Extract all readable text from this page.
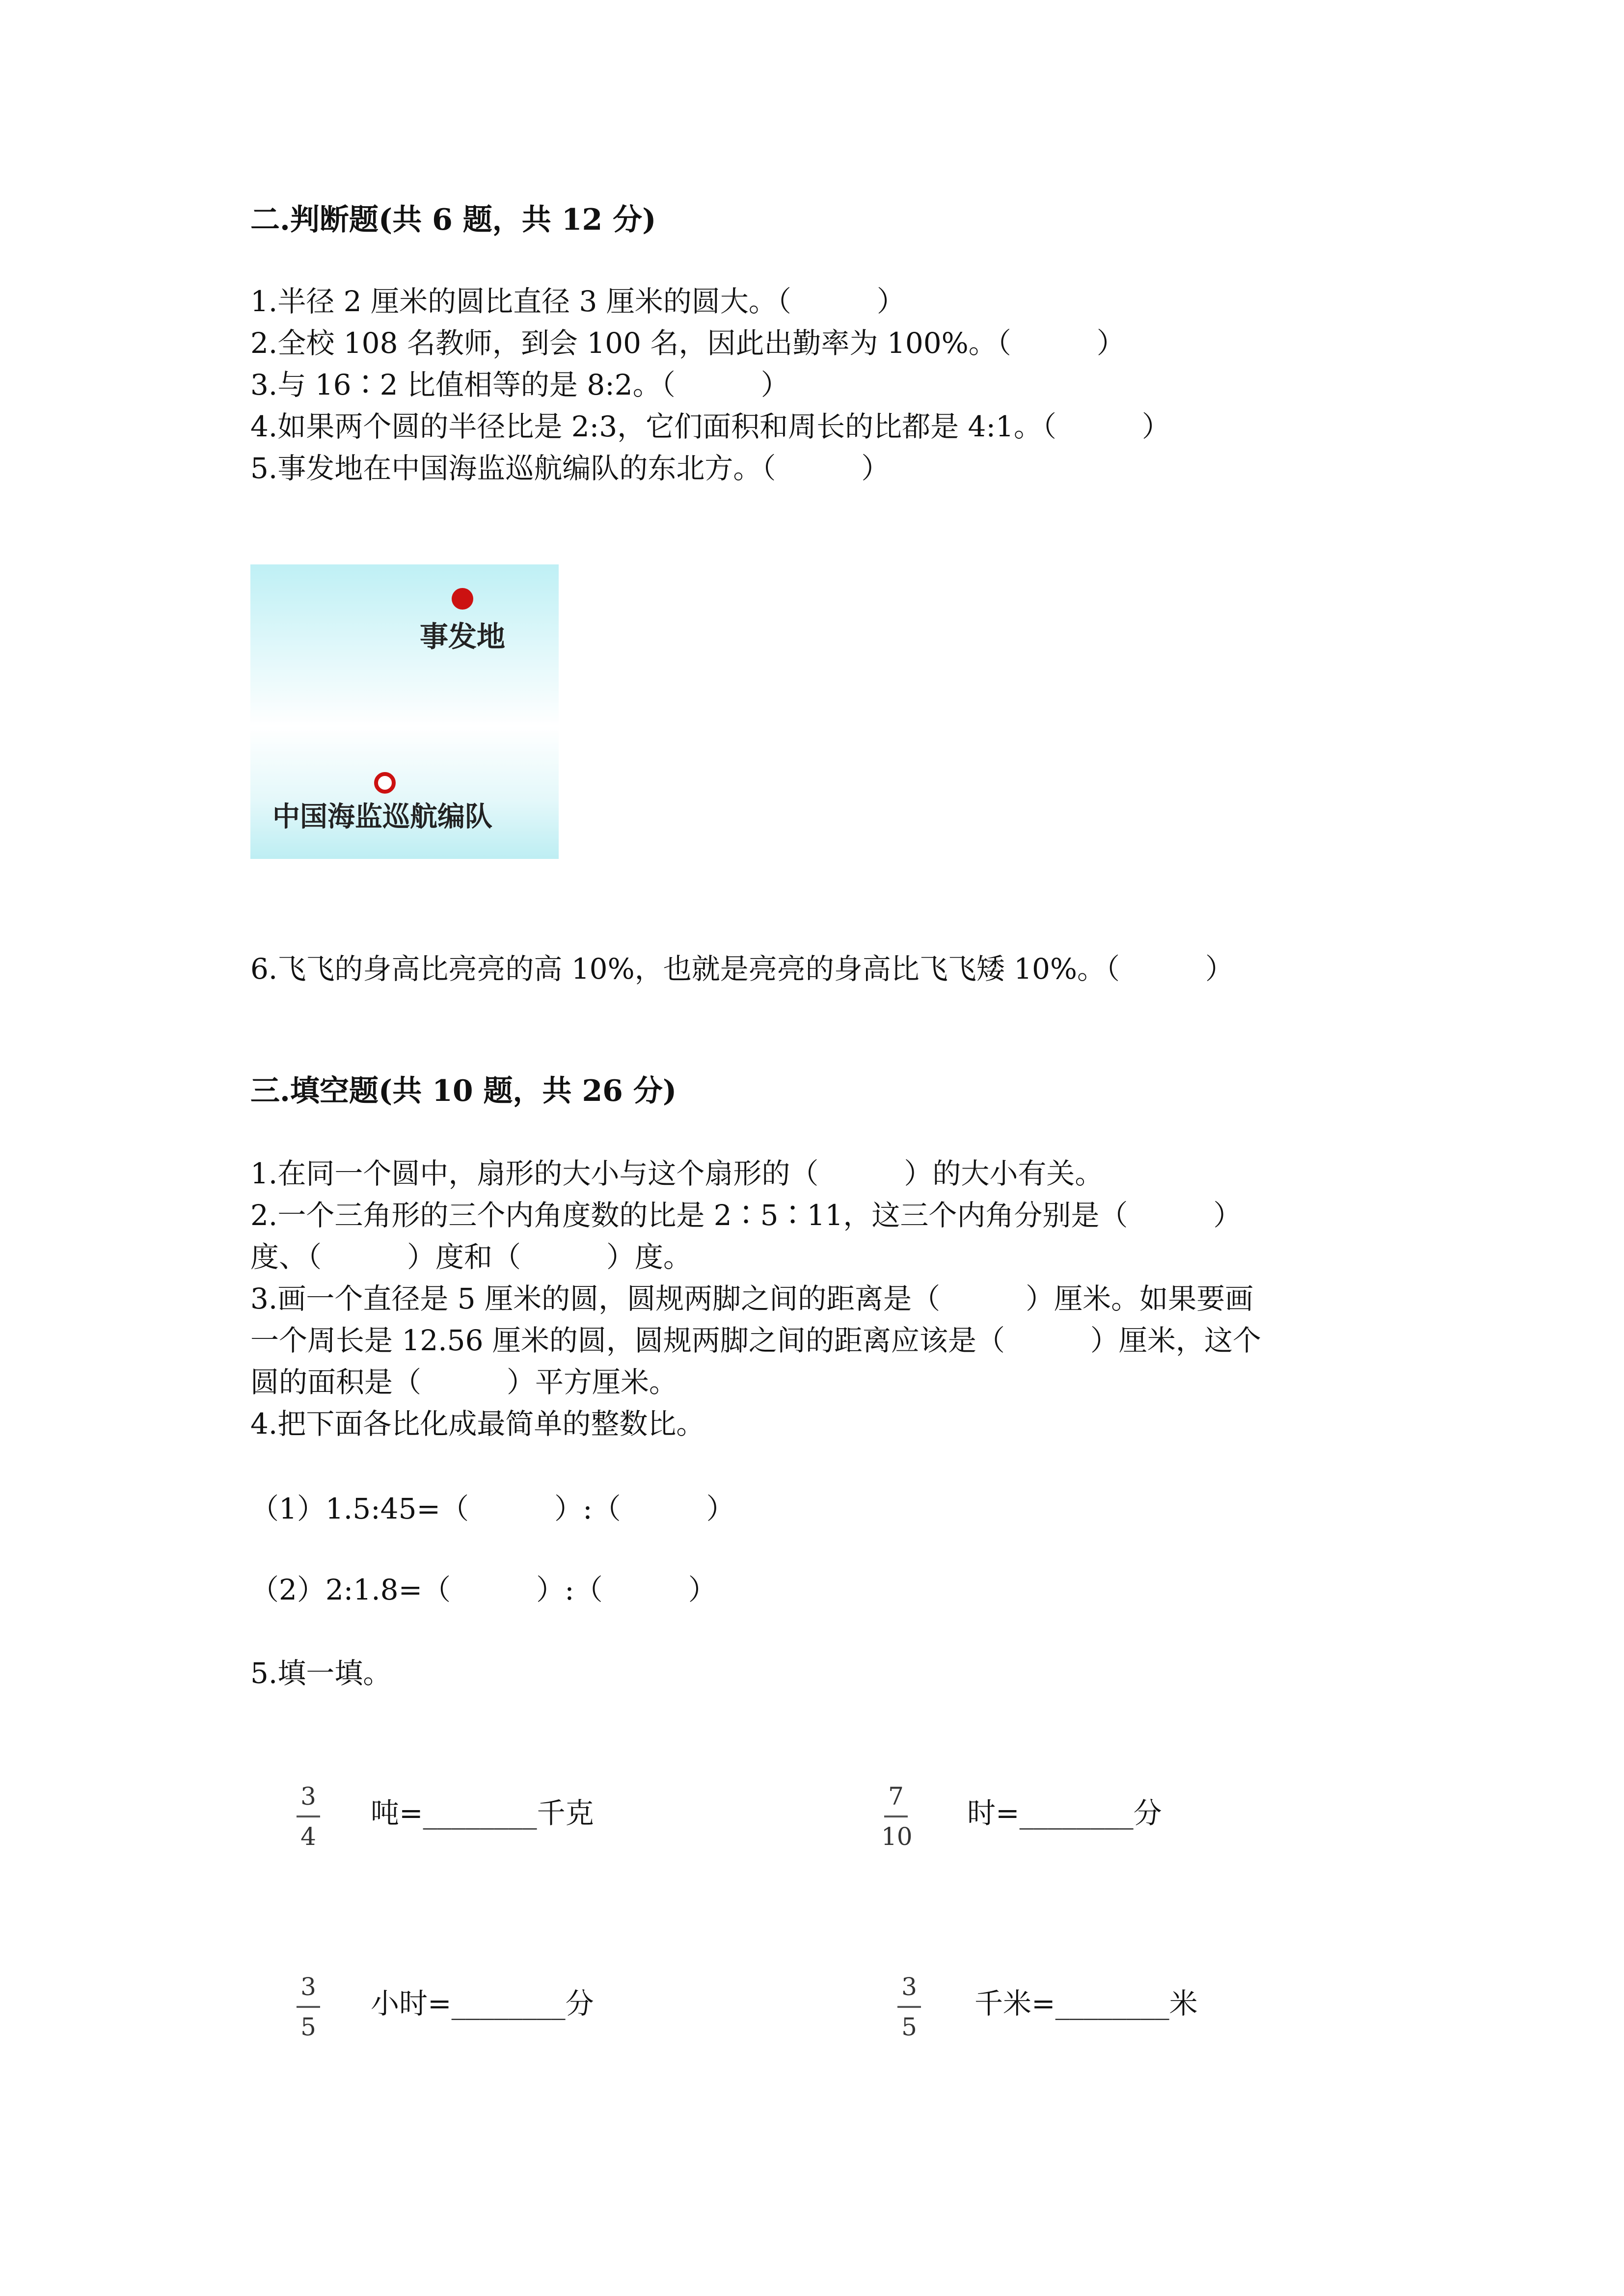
二.判断题(共 6 题，共 12 分)
1.半径 2 厘米的圆比直径 3 厘米的圆大。（　　　）
2.全校 108 名教师，到会 100 名，因此出勤率为 100%。（　　　）
3.与 16∶2 比值相等的是 8:2。（　　　）
4.如果两个圆的半径比是 2:3，它们面积和周长的比都是 4:1。（　　　）
5.事发地在中国海监巡航编队的东北方。（　　　）
事发地
中国海监巡航编队
6.飞飞的身高比亮亮的高 10%，也就是亮亮的身高比飞飞矮 10%。（　　　）
三.填空题(共 10 题，共 26 分)
1.在同一个圆中，扇形的大小与这个扇形的（　　　）的大小有关。
2.一个三角形的三个内角度数的比是 2∶5∶11，这三个内角分别是（　　　）
度、（　　　）度和（　　　）度。
3.画一个直径是 5 厘米的圆，圆规两脚之间的距离是（　　　）厘米。如果要画
一个周长是 12.56 厘米的圆，圆规两脚之间的距离应该是（　　　）厘米，这个
圆的面积是（　　　）平方厘米。
4.把下面各比化成最简单的整数比。
（1）1.5:45=（　　　）:（　　　）
（2）2:1.8=（　　　）:（　　　）
5.填一填。
3
4
吨=________千克	7
10
时=________分
3
5
小时=________分	3
5
千米=________米
